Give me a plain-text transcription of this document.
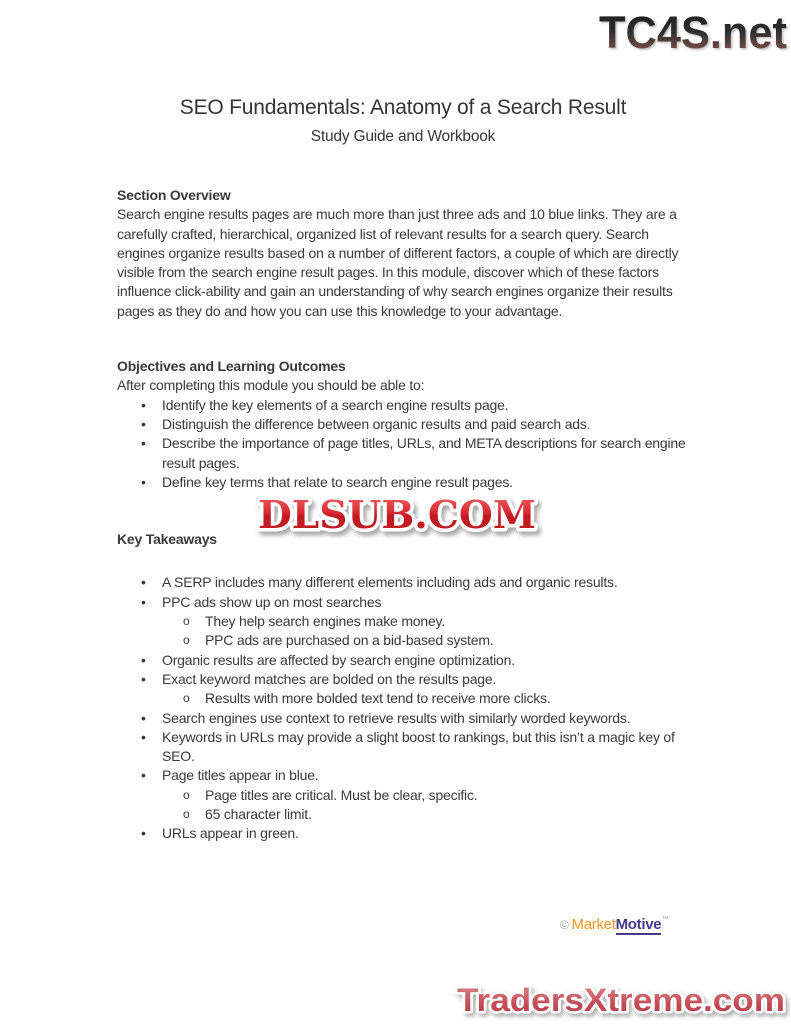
TC4S.net
SEO Fundamentals: Anatomy of a Search Result
Study Guide and Workbook
Section Overview
Search engine results pages are much more than just three ads and 10 blue links. They are a carefully crafted, hierarchical, organized list of relevant results for a search query. Search engines organize results based on a number of different factors, a couple of which are directly visible from the search engine result pages. In this module, discover which of these factors influence click-ability and gain an understanding of why search engines organize their results pages as they do and how you can use this knowledge to your advantage.
Objectives and Learning Outcomes
After completing this module you should be able to:
• Identify the key elements of a search engine results page.
• Distinguish the difference between organic results and paid search ads.
• Describe the importance of page titles, URLs, and META descriptions for search engine result pages.
• Define key terms that relate to search engine result pages.
Key Takeaways
• A SERP includes many different elements including ads and organic results.
• PPC ads show up on most searches
o They help search engines make money.
o PPC ads are purchased on a bid-based system.
• Organic results are affected by search engine optimization.
• Exact keyword matches are bolded on the results page.
o Results with more bolded text tend to receive more clicks.
• Search engines use context to retrieve results with similarly worded keywords.
• Keywords in URLs may provide a slight boost to rankings, but this isn’t a magic key of SEO.
• Page titles appear in blue.
o Page titles are critical. Must be clear, specific.
o 65 character limit.
• URLs appear in green.
DLSUB.COM
© MarketMotive™
TradersXtreme.com
